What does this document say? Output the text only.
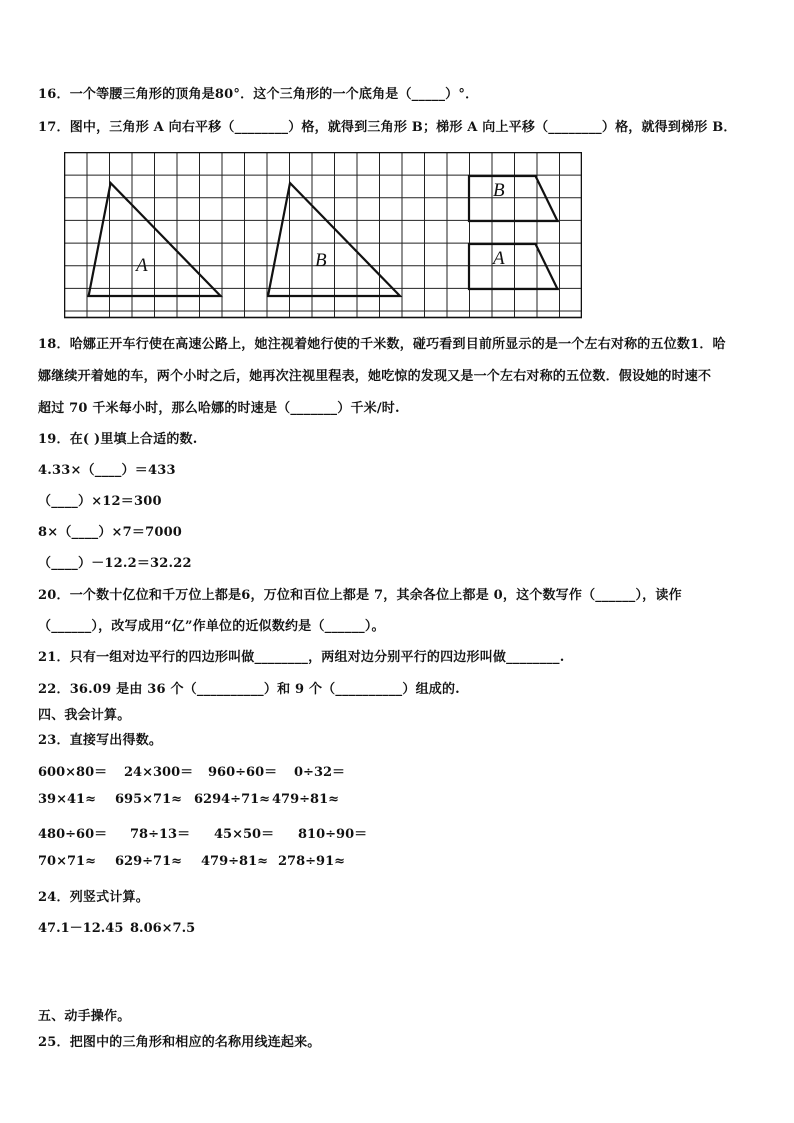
16．一个等腰三角形的顶角是80°．这个三角形的一个底角是（_____）°．
17．图中，三角形 A 向右平移（________）格，就得到三角形 B；梯形 A 向上平移（________）格，就得到梯形 B．
A	B
B
A
18．哈娜正开车行使在高速公路上，她注视着她行使的千米数，碰巧看到目前所显示的是一个左右对称的五位数1．哈
娜继续开着她的车，两个小时之后，她再次注视里程表，她吃惊的发现又是一个左右对称的五位数．假设她的时速不
超过 70 千米每小时，那么哈娜的时速是（_______）千米/时.
19．在( )里填上合适的数.
4.33×（____）＝433
（____）×12＝300
8×（____）×7＝7000
（____）－12.2＝32.22
20．一个数十亿位和千万位上都是6，万位和百位上都是 7，其余各位上都是 0，这个数写作（______），读作
（______），改写成用“亿”作单位的近似数约是（______）。
21．只有一组对边平行的四边形叫做________，两组对边分别平行的四边形叫做________.
22．36.09 是由 36 个（__________）和 9 个（__________）组成的.
四、我会计算。
23．直接写出得数。
600×80＝ 24×300＝ 960÷60＝ 0÷32＝
39×41≈ 695×71≈ 6294÷71≈ 479÷81≈
480÷60＝ 78÷13＝ 45×50＝ 810÷90＝
70×71≈ 629÷71≈ 479÷81≈ 278÷91≈
24．列竖式计算。
47.1－12.45 8.06×7.5
五、动手操作。
25．把图中的三角形和相应的名称用线连起来。
